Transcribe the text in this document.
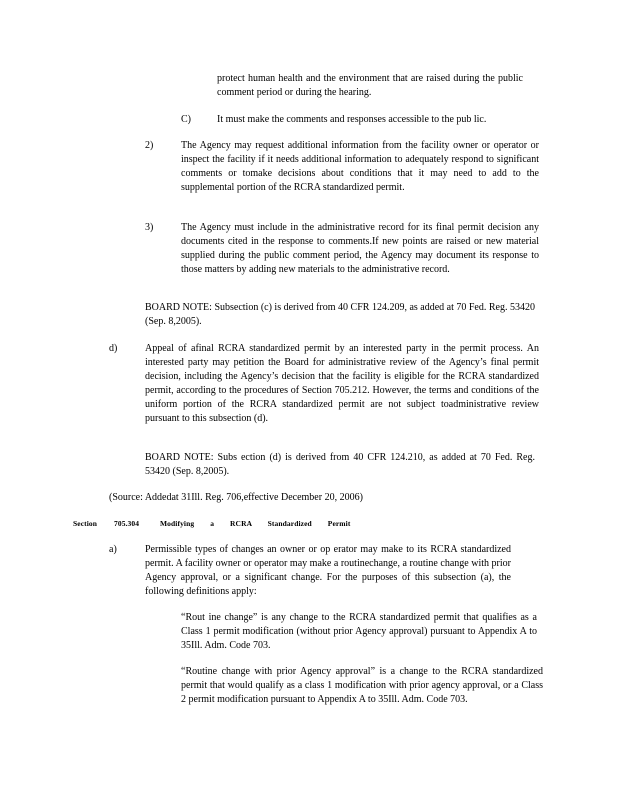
protect human health and the environment that are raised during the public comment period or during the hearing.

C)	It must make the comments and responses accessible to the pub lic.

2)	The Agency may request additional information from the facility owner or operator or inspect the facility if it needs additional information to adequately respond to significant comments or tomake decisions about conditions that it may need to add to the supplemental portion of the RCRA standardized permit.

3)	The Agency must include in the administrative record for its final permit decision any documents cited in the response to comments.If new points are raised or new material supplied during the public comment period, the Agency may document its response to those matters by adding new materials to the administrative record.

BOARD NOTE: Subsection (c) is derived from 40 CFR 124.209, as added at 70 Fed. Reg. 53420 (Sep. 8,2005).

d)	Appeal of afinal RCRA standardized permit by an interested party in the permit process. An interested party may petition the Board for administrative review of the Agency’s final permit decision, including the Agency’s decision that the facility is eligible for the RCRA standardized permit, according to the procedures of Section 705.212. However, the terms and conditions of the uniform portion of the RCRA standardized permit are not subject toadministrative review pursuant to this subsection (d).

BOARD NOTE: Subs ection (d) is derived from 40 CFR 124.210, as added at 70 Fed. Reg. 53420 (Sep. 8,2005).

(Source: Addedat 31Ill. Reg. 706,effective December 20, 2006)

Section 705.304	Modifying a RCRA Standardized Permit
a)	Permissible types of changes an owner or op erator may make to its RCRA standardized permit. A facility owner or operator may make a routinechange, a routine change with prior Agency approval, or a significant change. For the purposes of this subsection (a), the following definitions apply:

“Rout ine change” is any change to the RCRA standardized permit that qualifies as a Class 1 permit modification (without prior Agency approval) pursuant to Appendix A to 35Ill. Adm. Code 703.

“Routine change with prior Agency approval” is a change to the RCRA standardized permit that would qualify as a class 1 modification with prior agency approval, or a Class 2 permit modification pursuant to Appendix A to 35Ill. Adm. Code 703.
